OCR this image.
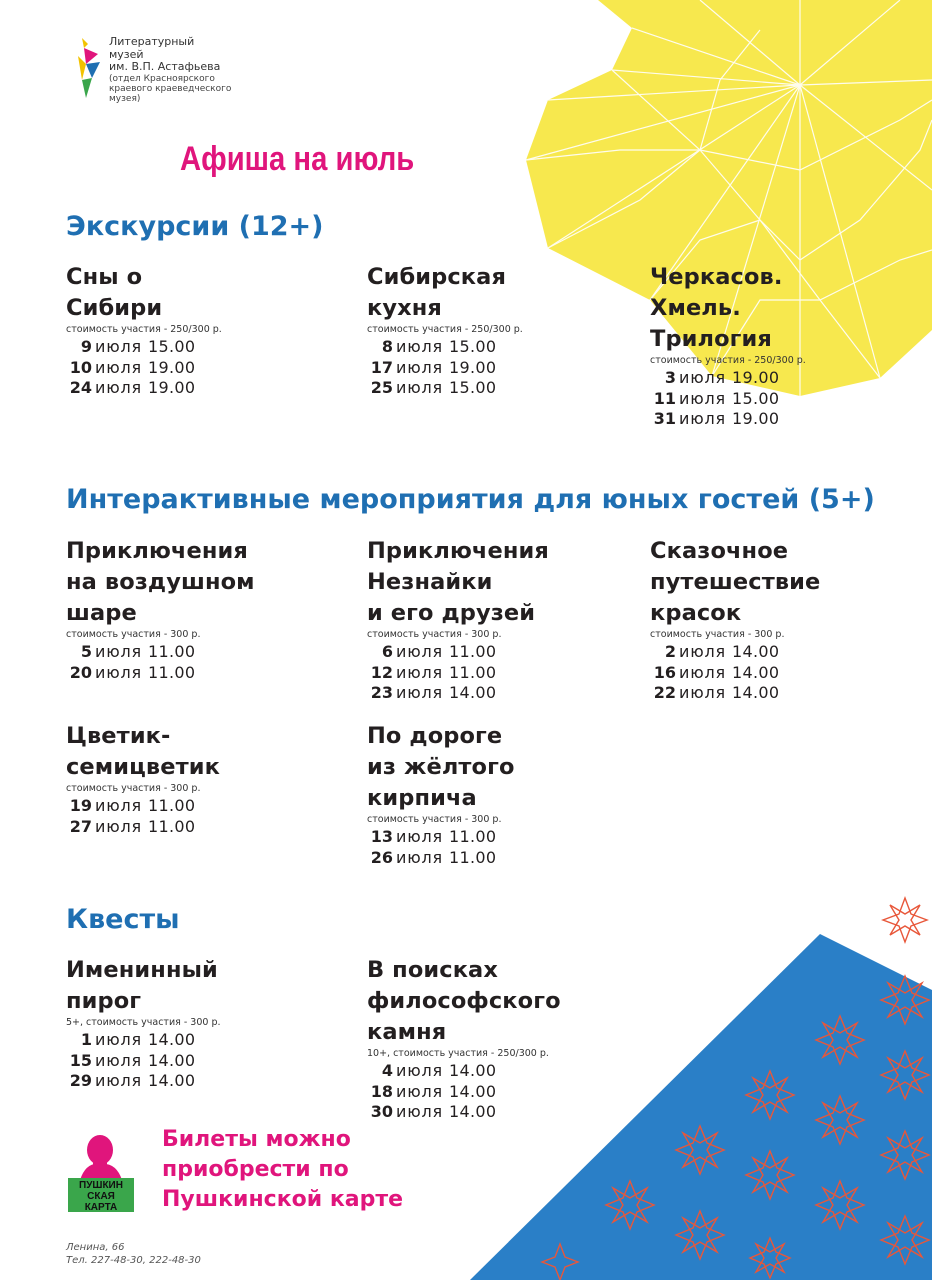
Литературный
музей
им. В.П. Астафьева
(отдел Красноярского
краевого краеведческого
музея)
Афиша на июль
Экскурсии (12+)
Интерактивные мероприятия для юных гостей (5+)
Квесты
Сны о
Сибири
стоимость участия - 250/300 р.
9 июля 15.00
10 июля 19.00
24 июля 19.00
Сибирская
кухня
стоимость участия - 250/300 р.
8 июля 15.00
17 июля 19.00
25 июля 15.00
Черкасов.
Хмель.
Трилогия
стоимость участия - 250/300 р.
3 июля 19.00
11 июля 15.00
31 июля 19.00
Приключения
на воздушном
шаре
стоимость участия - 300 р.
5 июля 11.00
20 июля 11.00
Приключения
Незнайки
и его друзей
стоимость участия - 300 р.
6 июля 11.00
12 июля 11.00
23 июля 14.00
Сказочное
путешествие
красок
стоимость участия - 300 р.
2 июля 14.00
16 июля 14.00
22 июля 14.00
Цветик-
семицветик
стоимость участия - 300 р.
19 июля 11.00
27 июля 11.00
По дороге
из жёлтого
кирпича
стоимость участия - 300 р.
13 июля 11.00
26 июля 11.00
Именинный
пирог
5+, стоимость участия - 300 р.
1 июля 14.00
15 июля 14.00
29 июля 14.00
В поисках
философского
камня
10+, стоимость участия - 250/300 р.
4 июля 14.00
18 июля 14.00
30 июля 14.00
ПУШКИН
СКАЯ
КАРТА
Билеты можно
приобрести по
Пушкинской карте
Ленина, 66
Тел. 227-48-30, 222-48-30
